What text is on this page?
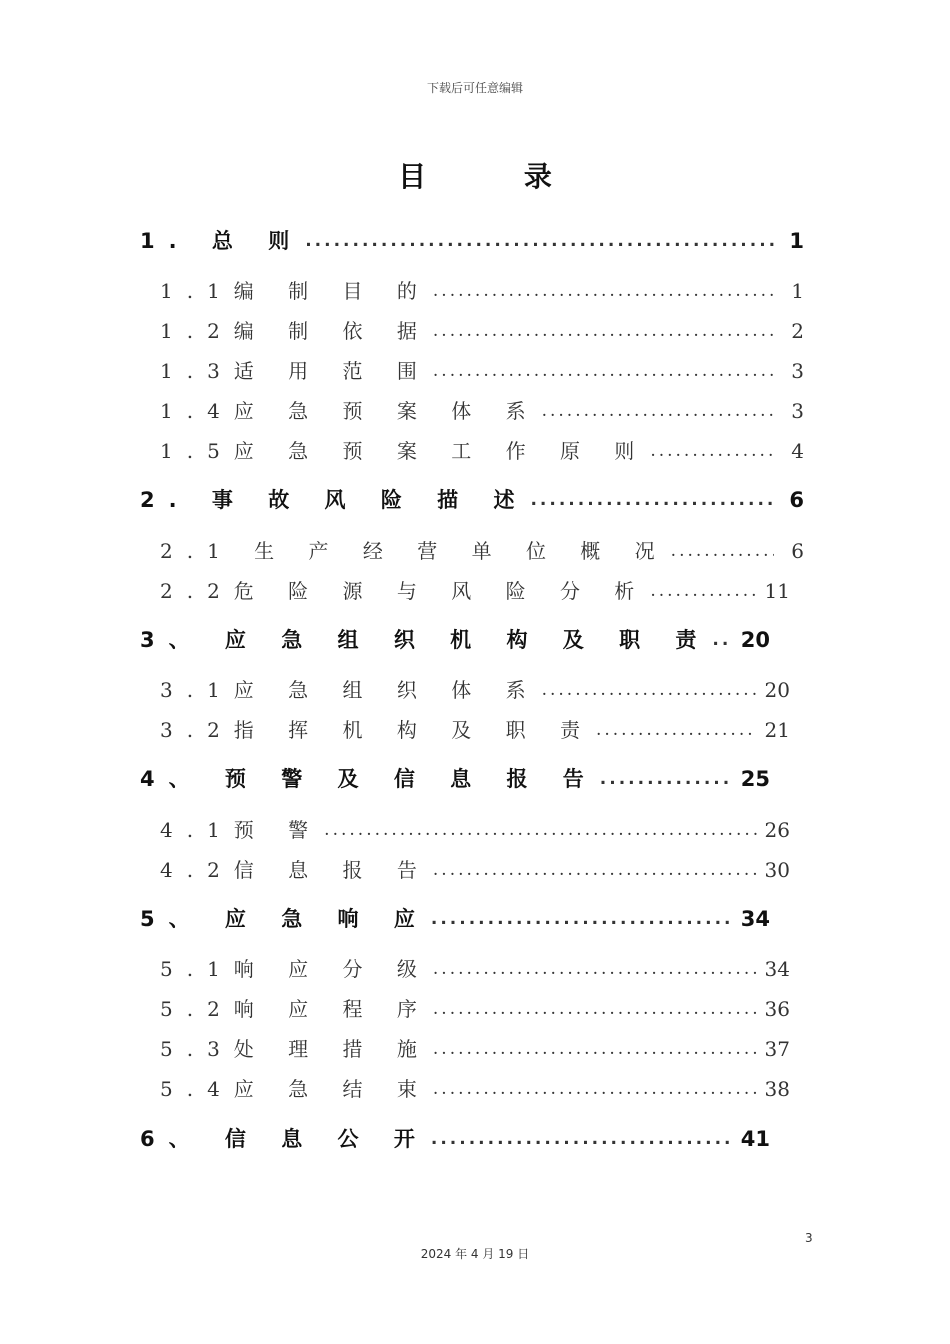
下载后可任意编辑
目 录
1. 总 则 .....	1
1.1编 制 目 的 .....	1
1.2编 制 依 据 .....	2
1.3适 用 范 围 .....	3
1.4应 急 预 案 体 系 .....	3
1.5应 急 预 案 工 作 原 则 .....	4
2. 事 故 风 险 描 述 .....	6
2.1 生 产 经 营 单 位 概 况 .....	6
2.2危 险 源 与 风 险 分 析 .....	11
3、 应 急 组 织 机 构 及 职 责 ..... 20
3.1应 急 组 织 体 系 .....	20
3.2指 挥 机 构 及 职 责 .....	21
4、 预 警 及 信 息 报 告 .....	25
4.1预 警 .....	26
4.2信 息 报 告 .....	30
5、 应 急 响 应 .....	34
5.1响 应 分 级 .....	34
5.2响 应 程 序 .....	36
5.3处 理 措 施 .....	37
5.4应 急 结 束 .....	38
6、 信 息 公 开 .....	41
3
2024 年 4 月 19 日
